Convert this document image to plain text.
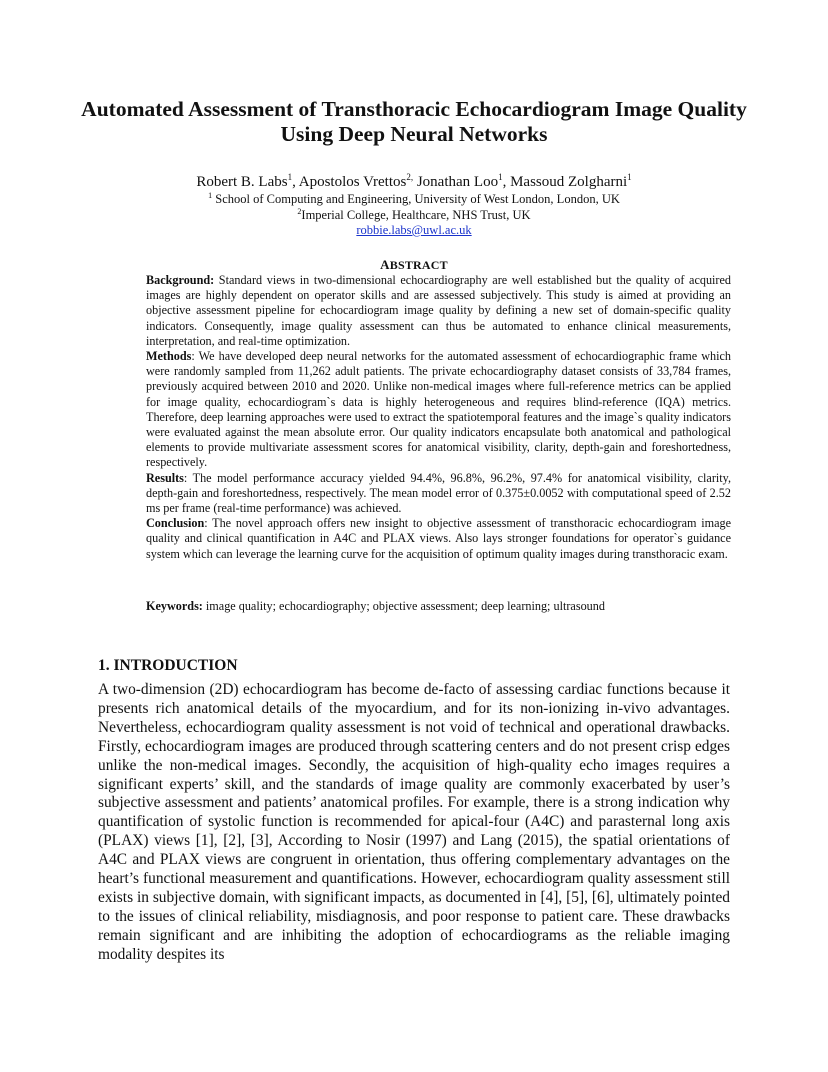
Automated Assessment of Transthoracic Echocardiogram Image Quality Using Deep Neural Networks
Robert B. Labs$^1$, Apostolos Vrettos$^{2,}$ Jonathan Loo$^1$, Massoud Zolgharni$^1$
$^1$ School of Computing and Engineering, University of West London, London, UK
$^2$Imperial College, Healthcare, NHS Trust, UK
robbie.labs@uwl.ac.uk
ABSTRACT

Background: Standard views in two-dimensional echocardiography are well established but the quality of acquired images are highly dependent on operator skills and are assessed subjectively. This study is aimed at providing an objective assessment pipeline for echocardiogram image quality by defining a new set of domain-specific quality indicators. Consequently, image quality assessment can thus be automated to enhance clinical measurements, interpretation, and real-time optimization.

Methods: We have developed deep neural networks for the automated assessment of echocardiographic frame which were randomly sampled from 11,262 adult patients. The private echocardiography dataset consists of 33,784 frames, previously acquired between 2010 and 2020. Unlike non-medical images where full-reference metrics can be applied for image quality, echocardiogram`s data is highly heterogeneous and requires blind-reference (IQA) metrics. Therefore, deep learning approaches were used to extract the spatiotemporal features and the image`s quality indicators were evaluated against the mean absolute error. Our quality indicators encapsulate both anatomical and pathological elements to provide multivariate assessment scores for anatomical visibility, clarity, depth-gain and foreshortedness, respectively.

Results: The model performance accuracy yielded 94.4%, 96.8%, 96.2%, 97.4% for anatomical visibility, clarity, depth-gain and foreshortedness, respectively. The mean model error of 0.375±0.0052 with computational speed of 2.52 ms per frame (real-time performance) was achieved.

Conclusion: The novel approach offers new insight to objective assessment of transthoracic echocardiogram image quality and clinical quantification in A4C and PLAX views. Also lays stronger foundations for operator`s guidance system which can leverage the learning curve for the acquisition of optimum quality images during transthoracic exam.

Keywords: image quality; echocardiography; objective assessment; deep learning; ultrasound
1. INTRODUCTION

A two-dimension (2D) echocardiogram has become de-facto of assessing cardiac functions because it presents rich anatomical details of the myocardium, and for its non-ionizing in-vivo advantages. Nevertheless, echocardiogram quality assessment is not void of technical and operational drawbacks. Firstly, echocardiogram images are produced through scattering centers and do not present crisp edges unlike the non-medical images. Secondly, the acquisition of high-quality echo images requires a significant experts’ skill, and the standards of image quality are commonly exacerbated by user’s subjective assessment and patients’ anatomical profiles. For example, there is a strong indication why quantification of systolic function is recommended for apical-four (A4C) and parasternal long axis (PLAX) views [1], [2], [3], According to Nosir (1997) and Lang (2015), the spatial orientations of A4C and PLAX views are congruent in orientation, thus offering complementary advantages on the heart’s functional measurement and quantifications. However, echocardiogram quality assessment still exists in subjective domain, with significant impacts, as documented in [4], [5], [6], ultimately pointed to the issues of clinical reliability, misdiagnosis, and poor response to patient care. These drawbacks remain significant and are inhibiting the adoption of echocardiograms as the reliable imaging modality despites its
